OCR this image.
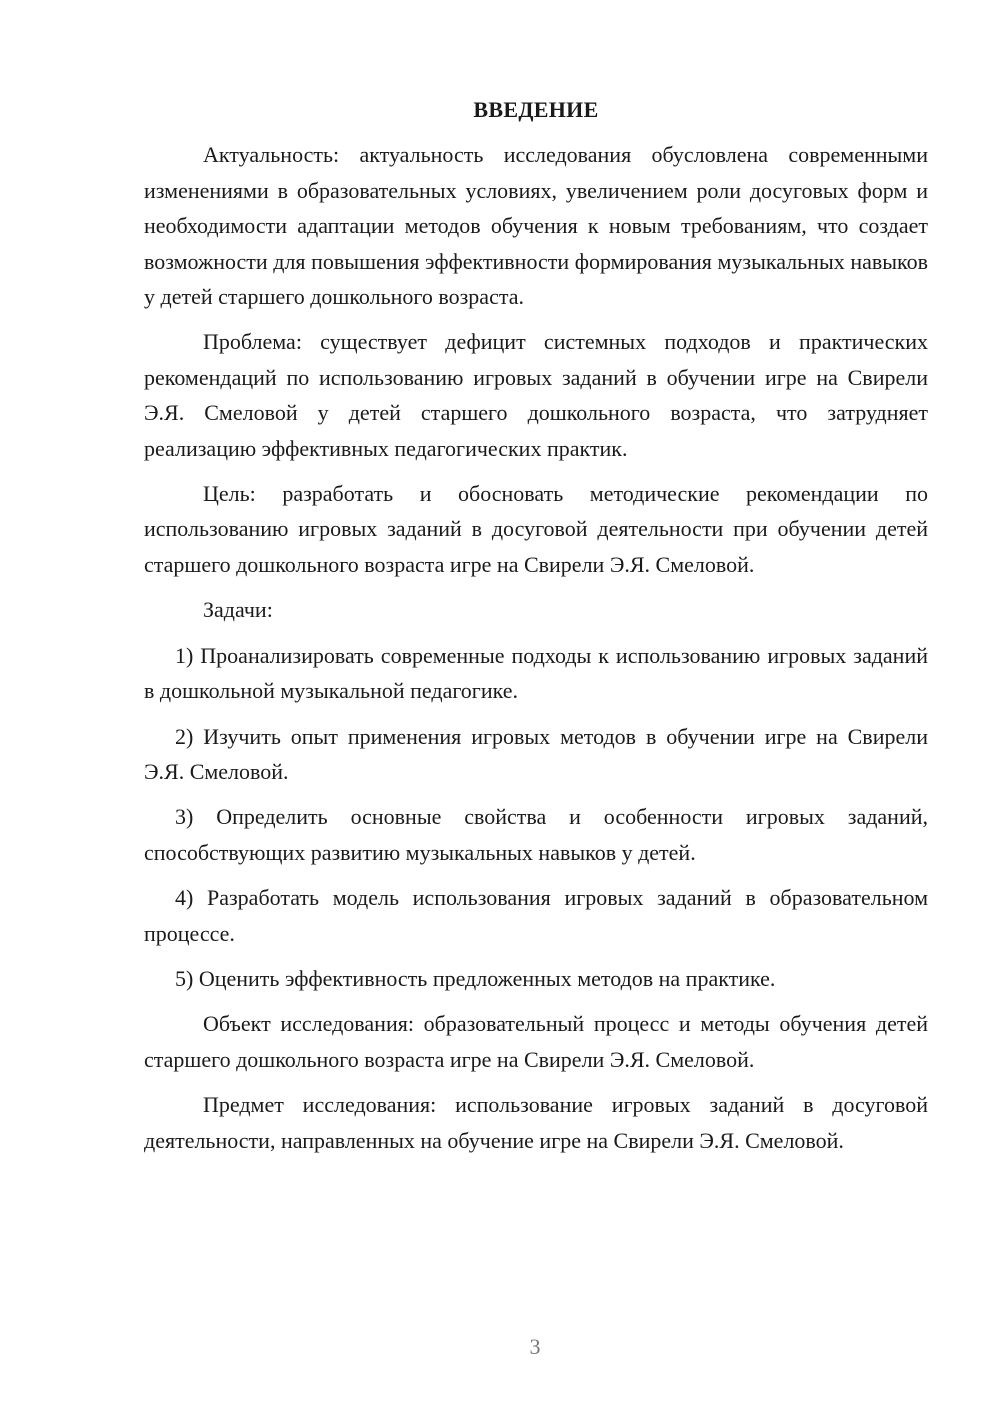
ВВЕДЕНИЕ

Актуальность: актуальность исследования обусловлена современными изменениями в образовательных условиях, увеличением роли досуговых форм и необходимости адаптации методов обучения к новым требованиям, что создает возможности для повышения эффективности формирования музыкальных навыков у детей старшего дошкольного возраста.

Проблема: существует дефицит системных подходов и практических рекомендаций по использованию игровых заданий в обучении игре на Свирели Э.Я. Смеловой у детей старшего дошкольного возраста, что затрудняет реализацию эффективных педагогических практик.

Цель: разработать и обосновать методические рекомендации по использованию игровых заданий в досуговой деятельности при обучении детей старшего дошкольного возраста игре на Свирели Э.Я. Смеловой.

Задачи:

1) Проанализировать современные подходы к использованию игровых заданий в дошкольной музыкальной педагогике.

2) Изучить опыт применения игровых методов в обучении игре на Свирели Э.Я. Смеловой.

3) Определить основные свойства и особенности игровых заданий, способствующих развитию музыкальных навыков у детей.

4) Разработать модель использования игровых заданий в образовательном процессе.

5) Оценить эффективность предложенных методов на практике.

Объект исследования: образовательный процесс и методы обучения детей старшего дошкольного возраста игре на Свирели Э.Я. Смеловой.

Предмет исследования: использование игровых заданий в досуговой деятельности, направленных на обучение игре на Свирели Э.Я. Смеловой.

3
